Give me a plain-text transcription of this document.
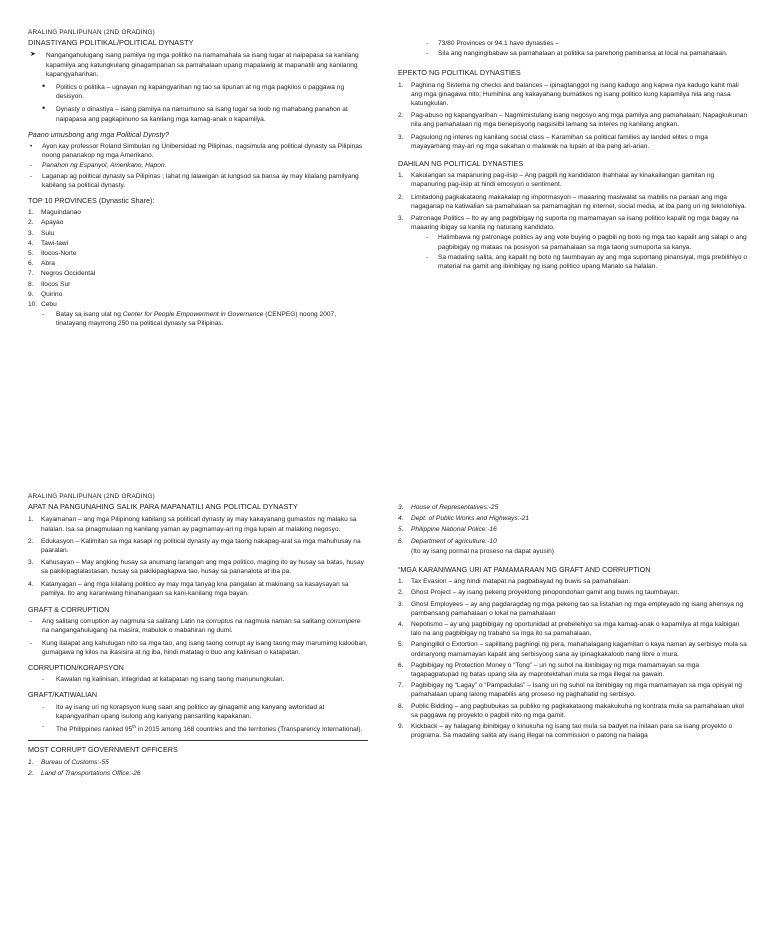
ARALING PANLIPUNAN (2ND GRADING)
DINASTIYANG POLITIKAL/POLITICAL DYNASTY
➤ Nangangahulugang isang pamilya ng mga politiko na namamahala sa isang lugar at naipapasa sa kanilang kapamilya ang katungkulang ginagampanan sa pamahalaan upang mapalawig at mapanatili ang kanilanng kapangyaharihan.
• Politics o politika – ugnayan ng kapangyarihan ng tao sa lipunan at ng mga pagkilos o paggawa ng desisyon.
• Dynasty o dinastiya – isang pamilya na namumuno sa isang lugar sa loob ng mahabang panahon at naipapasa ang pagkapinuno sa kanilang mga kamag-anak o kapamilya.
Paano umusbong ang mga Political Dynsty?
• Ayon kay professor Roland Simbulan ng Unibersidad ng Pilipinas, nagsimula ang political dynasty sa Pilipinas noong pananakop ng mga Amerikano.
- Panahon ng Espanyol, Amerikano, Hapon.
- Laganap ag political dynasty sa Pilipinas ; lahat ng lalawigan at lungsod sa bansa ay may kilalang pamilyang kabilang sa political dynasty.
TOP 10 PROVINCES (Dynastic Share):
1. Maguindanao
2. Apayao
3. Sulu
4. Tawi-tawi
5. Ilocos-Norte
6. Abra
7. Negros Occidental
8. Ilocos Sur
9. Quirino
10. Cebu
- Batay sa isang ulat ng Center for People Empowerment in Governance (CENPEG) noong 2007, tinatayang mayrrong 250 na political dynasty sa Pilipinas.
- 73/80 Provinces or 94.1 have dynasties –
- Sila ang nangingibabaw sa pamahalaan at politika sa parehong pambansa at local na pamahalaan.
EPEKTO NG POLITIKAL DYNASTIES
1. Paghina ng Sistema ng checks and balances – ipinagtanggol ng isang kadugo ang kapwa nya kadugo kahit mali ang mga ginagawa nito; Humihina ang kakayahang bumatikos ng isang politico kung kapamilya nila ang nasa katungkulan.
2. Pag-abuso ng kapangyarihan – Nagmimistulang isang negosyo ang mga pamilya ang pamahalaan; Napagkukunan nila ang pamahalaan ng mga benepisyong nagsisilbi lamang sa interes ng kanilang angkan.
3. Pagsulong ng interes ng kanilang social class – Karamihan sa political families ay landed elites o mga mayayamang may-ari ng mga sakahan o malawak na lupain at iba pang ari-arian.
DAHILAN NG POLITICAL DYNASTIES
1. Kakulangan sa mapanuring pag-iisip – Ang pagpili ng kandidaton ihahhalal ay kinakailangan gamitan ng mapanuring pag-iisip at hindi emosyon o sentiment.
2. Limitadong pagkakataong makakalap ng impormasyon – maaaring masiwalat sa mabilis na paraan ang mga nagaganap na katiwalian sa pamahalaan sa pamamagitan ng internet, social media, at iba pang uri ng teknolohiya.
3. Patronage Politics – Ito ay ang pagbibigay ng suporta ng mamamayan sa isang politico kapalit ng mga bagay na maaaring ibigay sa kanila ng naturang kandidato.
- Halimbawa ng patronage politics ay ang vote buying o pagbili ng boto ng mga tao kapalit ang salapi o ang pagbibigay ng mataas na posisyon sa pamahalaan sa mga taong sumuporta sa kanya.
- Sa madaling salita, ang kapalit ng boto ng taumbayan ay ang mga suportang pinansiyal, mga prebilihiyo o material na gamit ang ibinibigay ng isang politico upang Manalo sa halalan.
ARALING PANLIPUNAN (2ND GRADING)
APAT NA PANGUNAHING SALIK PARA MAPANATILI ANG POLITICAL DYNASTY
1. Kayamanan – ang mga Pilipinong kabilang sa politicall dynasty ay may kakayanang gumastos ng malaku sa halalan. Isa sa pinagmulaan ng kanilang yaman ay pagmamay-ari ng mga lupain at malaking negosyo.
2. Edukasyon – Kalimitan sa mga kasapi ng political dynasty ay mga taong nakapag-aral sa mga mahuhusay na paaralan.
3. Kahusayan – May angking husay sa anumang larangan ang mga politico, maging ito ay husay sa batas, husay sa pakikipagtalastasan, husay sa pakikipagkapwa tao, husay sa pananalota at iba pa.
4. Katanyagan – ang mga kilalang politico ay may mga tanyag kna pangalan at makinang sa kasaysayan sa pamilya. Ito ang karaniwang hinahangaan sa kani-kanilang mga bayan.
GRAFT & CORRUPTION
- Ang salitang corruption ay nagmula sa salitang Latin na corruptus na nagmula naman sa salitang corrumpere na nangangahulugang na masira, mabulok o mabahiran ng dumi.
- Kung ilalapat ang kahulugan nito sa mga tao, ang isang taong corrupt ay isang taong may marumimg kalooban, gumagawa ng kilos na ikasisira at ng iba, hindi matatag o buo ang kalinisan o katapatan.
CORRUPTION/KORAPSYON
- Kawalan ng kalinisan, integridad at katapatan ng isang taong manunungkulan.
GRAFT/KATIWALIAN
- Ito ay isang uri ng korapsyon kung saan ang politico ay ginagamit ang kanyang awtoridad at kapangyarihan upang isulong ang kanyang pansariling kapakanan.
- The Philippines ranked 95th in 2015 among 168 countries and the territories (Transparency International).
MOST CORRUPT GOVERNMENT OFFICERS
1. Bureau of Customs:-55
2. Land of Transportations Office:-26
3. House of Representatives:-25
4. Dept. of Public Works and Highways:-21
5. Philippine National Police:-16
6. Department of agriculture:-10
(Ito ay isang pormal na proseso na dapat ayusin)
“MGA KARANIWANG URI AT PAMAMARAAN NG GRAFT AND CORRUPTION
1. Tax Evasion – ang hindi matapat na pagbabayad ng buwis sa pamahalaan.
2. Ghost Project – ay isang pekeng proyektong pinopondohan gamit ang buwis ng taumbayan.
3. Ghost Employees – ay ang pagdaragdag ng mga pekeng tao sa listahan ng mga empleyado ng isang ahensya ng pambansang pamahalaan o lokal na pamahalaan
4. Nepotismo – ay ang pagbibigay ng oportunidad at prebelehiyo sa mga kamag-anak o kapamilya at mga kaibigan lalo na ang pagbibigay ng trabaho sa mga ito sa pamahalaan.
5. Pangingilkil o Extortion – sapilitang paghingi ng pera, mahahalagang kagamitan o kaya naman ay serbisyo mula sa ordinaryong mamamayan kapalit ang serbisyong sana ay ipinagkakaloob nang libre o mura.
6. Pagbibigay ng Protection Money o “Tong” – uri ng suhol na ibinibigay ng mga mamamayan sa mga tagapagpatupad ng batas upang sila ay maprotektahan mula sa mga illegal na gawain.
7. Pagbibigay ng “Lagay” o “Pampadulas” – Isang uri ng suhol na ibinibigay ng mga mamamayan sa mga opisyal ng pamahalaan upang lalong mapabilis ang proseso ng paghahatid ng serbisyo.
8. Public Bidding – ang pagbubukas sa publiko ng pagkakataong makakukuha ng kontrata mula sa pamahalaan ukol sa paggawa ng proyekto o pagbili nito ng mga gamit.
9. Kickback – ay halagang ibinibigay o kinukuha ng isang tao mula sa badyet na inilaan para sa isang proyekto o programa. Sa madaling salita aty isang illegal na commission o patong na halaga
